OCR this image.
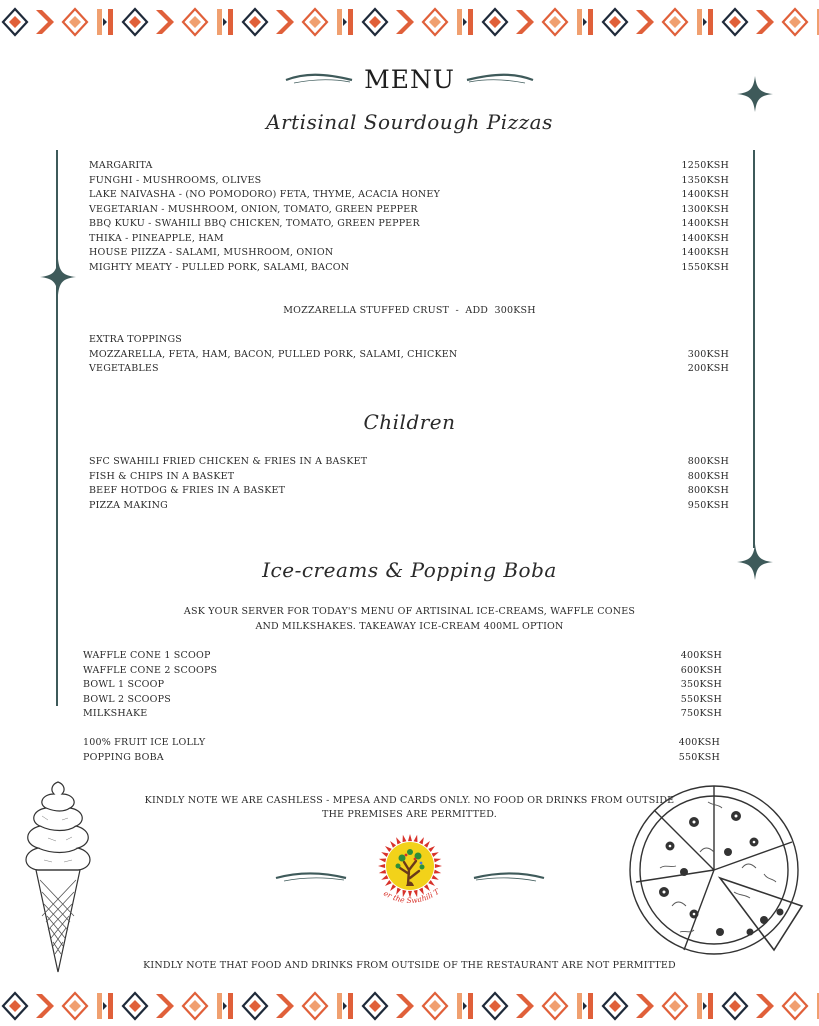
MENU
Artisinal Sourdough Pizzas
MARGARITA	1250KSH
FUNGHI - MUSHROOMS, OLIVES	1350KSH
LAKE NAIVASHA - (NO POMODORO) FETA, THYME, ACACIA HONEY	1400KSH
VEGETARIAN - MUSHROOM, ONION, TOMATO, GREEN PEPPER	1300KSH
BBQ KUKU - SWAHILI BBQ CHICKEN, TOMATO, GREEN PEPPER	1400KSH
THIKA - PINEAPPLE, HAM	1400KSH
HOUSE PIIZZA - SALAMI, MUSHROOM, ONION	1400KSH
MIGHTY MEATY - PULLED PORK, SALAMI, BACON	1550KSH
MOZZARELLA STUFFED CRUST  -  ADD  300KSH
EXTRA TOPPINGS
MOZZARELLA, FETA, HAM, BACON, PULLED PORK, SALAMI, CHICKEN	300KSH
VEGETABLES	200KSH
Children
SFC SWAHILI FRIED CHICKEN & FRIES IN A BASKET	800KSH
FISH & CHIPS IN A BASKET	800KSH
BEEF HOTDOG & FRIES IN A BASKET	800KSH
PIZZA MAKING	950KSH
Ice-creams & Popping Boba
ASK YOUR SERVER FOR TODAY'S MENU OF ARTISINAL ICE-CREAMS, WAFFLE CONES
AND MILKSHAKES. TAKEAWAY ICE-CREAM 400ML OPTION
WAFFLE CONE 1 SCOOP	400KSH
WAFFLE CONE 2 SCOOPS	600KSH
BOWL 1 SCOOP	350KSH
BOWL 2 SCOOPS	550KSH
MILKSHAKE	750KSH
100% FRUIT ICE LOLLY	400KSH
POPPING BOBA	550KSH
KINDLY NOTE WE ARE CASHLESS - MPESA AND CARDS ONLY. NO FOOD OR DRINKS FROM OUTSIDE
THE PREMISES ARE PERMITTED.
er the Swahili T
KINDLY NOTE THAT FOOD AND DRINKS FROM OUTSIDE OF THE RESTAURANT ARE NOT PERMITTED
